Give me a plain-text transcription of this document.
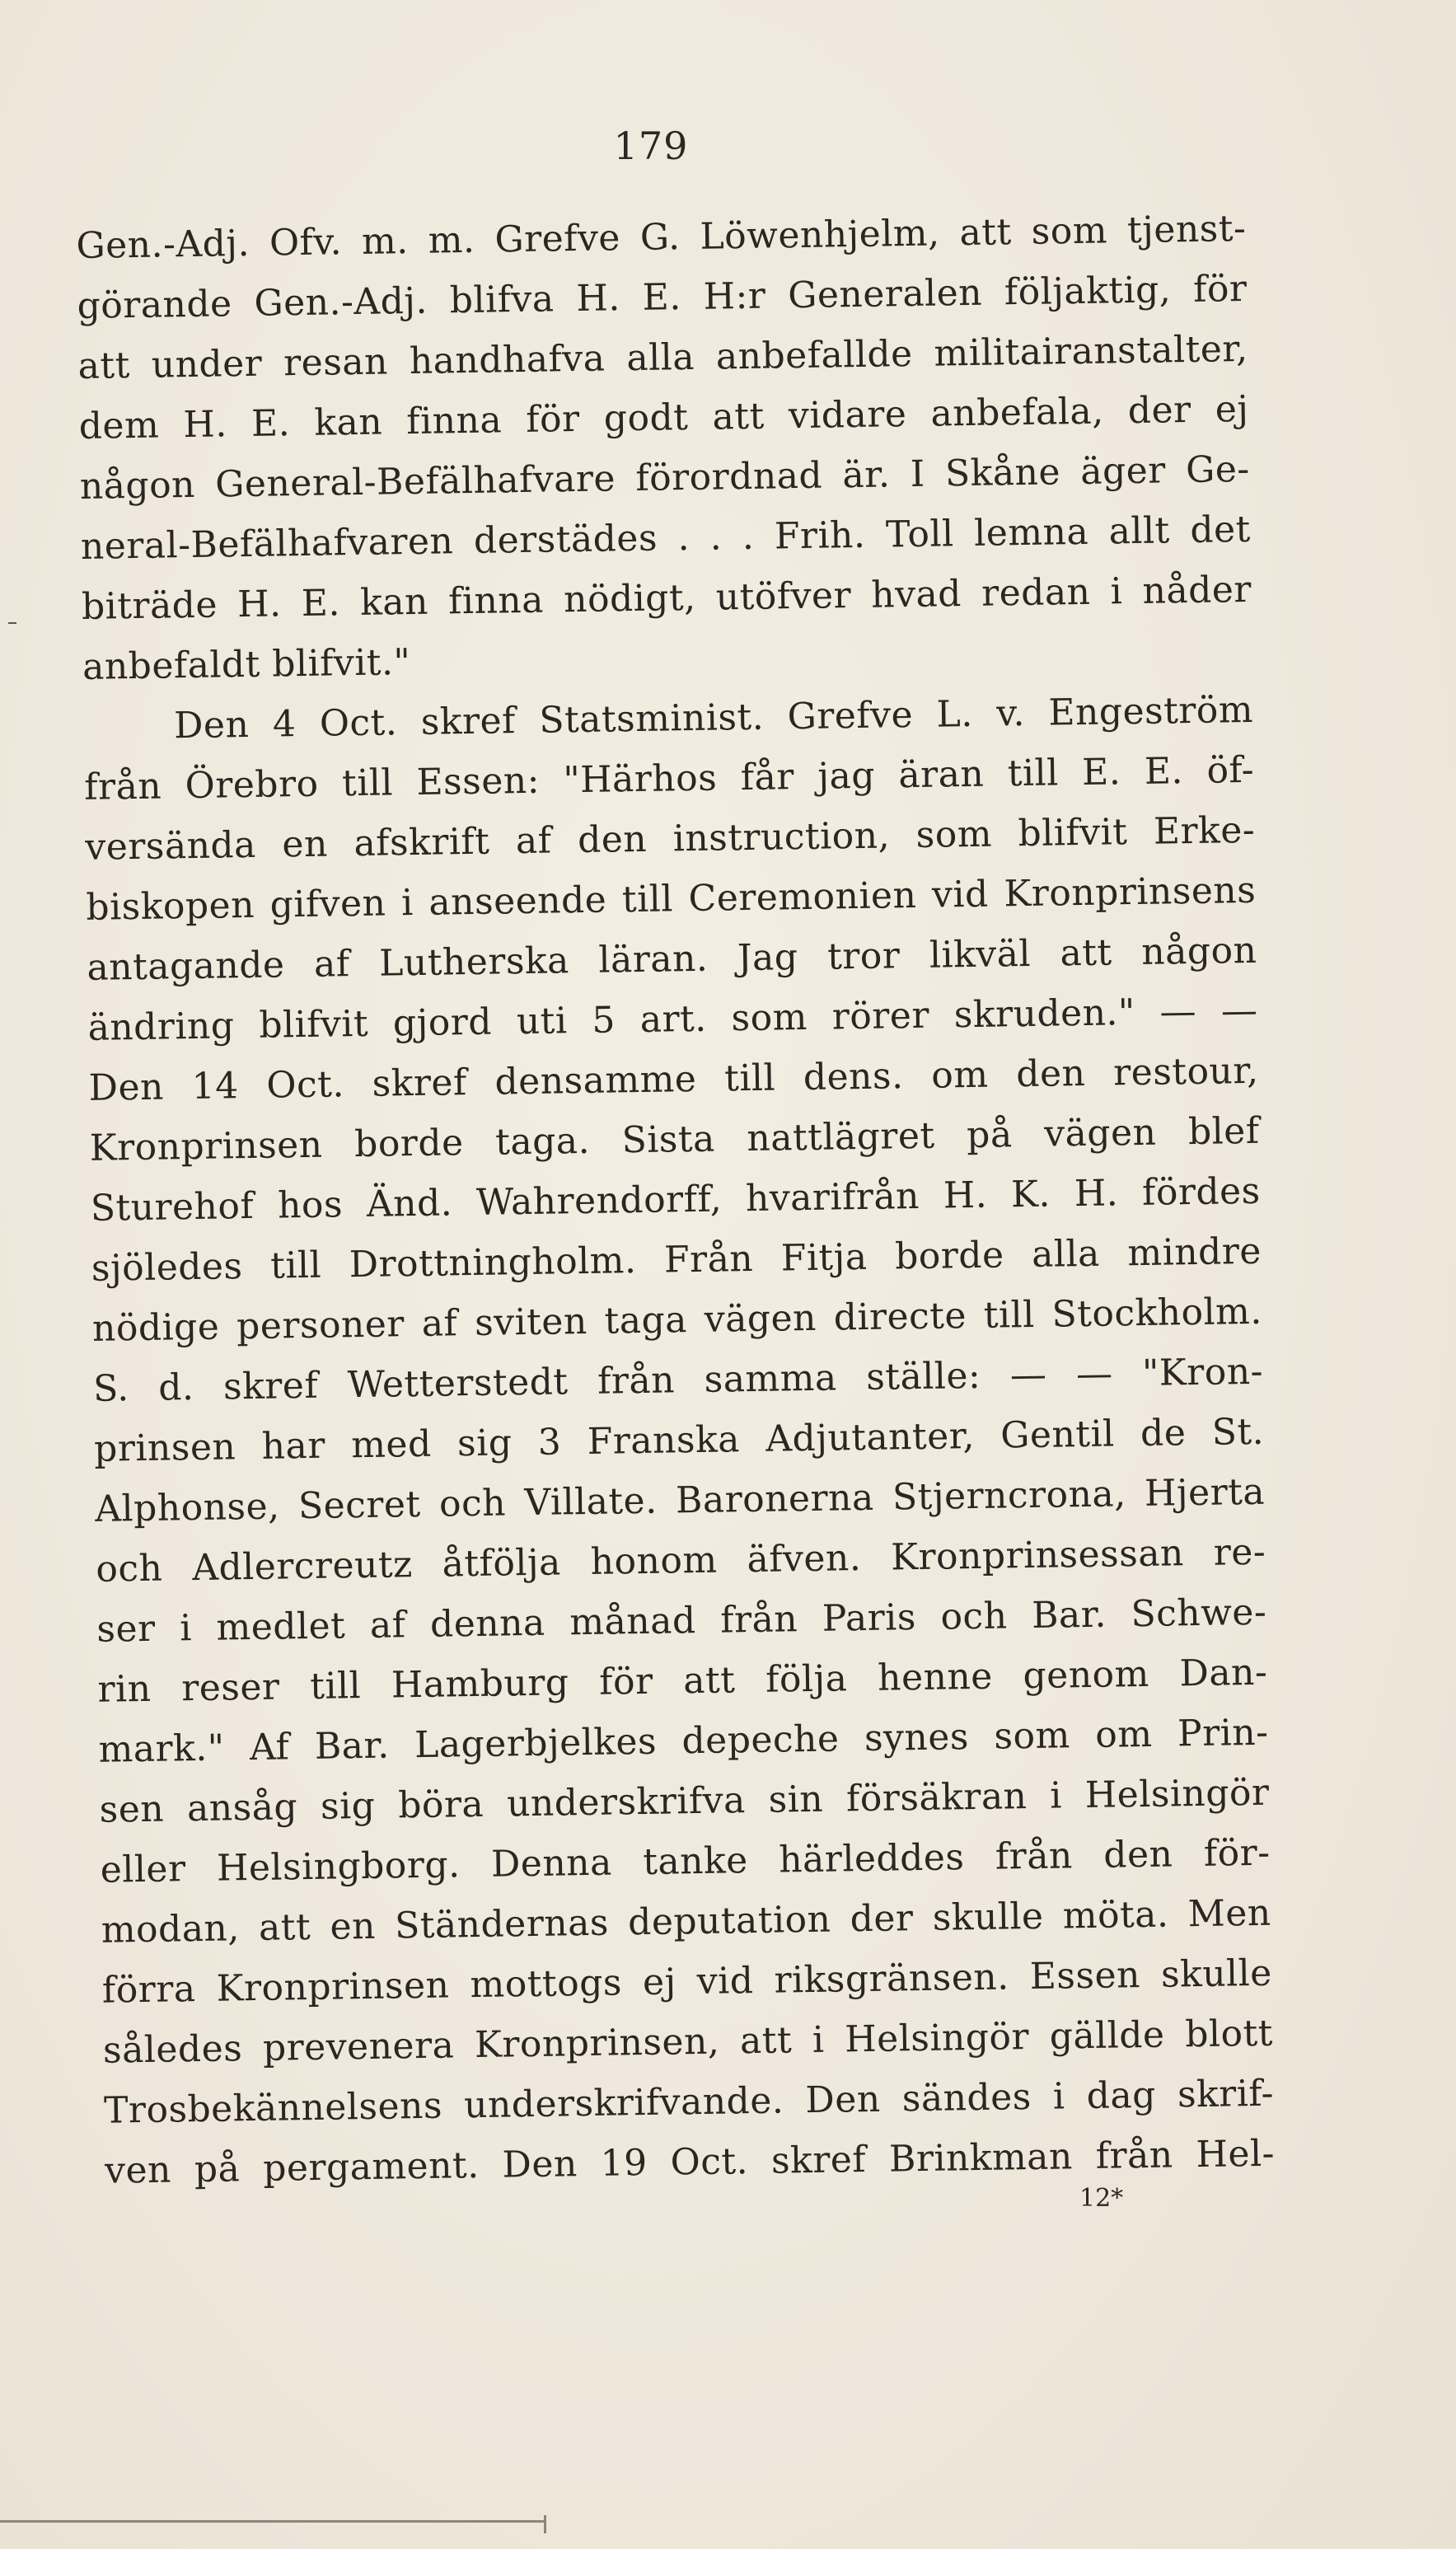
179
Gen.-Adj. Ofv. m. m. Grefve G. Löwenhjelm, att som tjenst-
görande Gen.-Adj. blifva H. E. H:r Generalen följaktig, för
att under resan handhafva alla anbefallde militairanstalter,
dem H. E. kan finna för godt att vidare anbefala, der ej
någon General-Befälhafvare förordnad är. I Skåne äger Ge-
neral-Befälhafvaren derstädes . . . Frih. Toll lemna allt det
biträde H. E. kan finna nödigt, utöfver hvad redan i nåder
anbefaldt blifvit."
Den 4 Oct. skref Statsminist. Grefve L. v. Engeström
från Örebro till Essen: "Härhos får jag äran till E. E. öf-
versända en afskrift af den instruction, som blifvit Erke-
biskopen gifven i anseende till Ceremonien vid Kronprinsens
antagande af Lutherska läran. Jag tror likväl att någon
ändring blifvit gjord uti 5 art. som rörer skruden." — —
Den 14 Oct. skref densamme till dens. om den restour,
Kronprinsen borde taga. Sista nattlägret på vägen blef
Sturehof hos Änd. Wahrendorff, hvarifrån H. K. H. fördes
sjöledes till Drottningholm. Från Fitja borde alla mindre
nödige personer af sviten taga vägen directe till Stockholm.
S. d. skref Wetterstedt från samma ställe: — — "Kron-
prinsen har med sig 3 Franska Adjutanter, Gentil de St.
Alphonse, Secret och Villate. Baronerna Stjerncrona, Hjerta
och Adlercreutz åtfölja honom äfven. Kronprinsessan re-
ser i medlet af denna månad från Paris och Bar. Schwe-
rin reser till Hamburg för att följa henne genom Dan-
mark." Af Bar. Lagerbjelkes depeche synes som om Prin-
sen ansåg sig böra underskrifva sin försäkran i Helsingör
eller Helsingborg. Denna tanke härleddes från den för-
modan, att en Ständernas deputation der skulle möta. Men
förra Kronprinsen mottogs ej vid riksgränsen. Essen skulle
således prevenera Kronprinsen, att i Helsingör gällde blott
Trosbekännelsens underskrifvande. Den sändes i dag skrif-
ven på pergament. Den 19 Oct. skref Brinkman från Hel-
12*
